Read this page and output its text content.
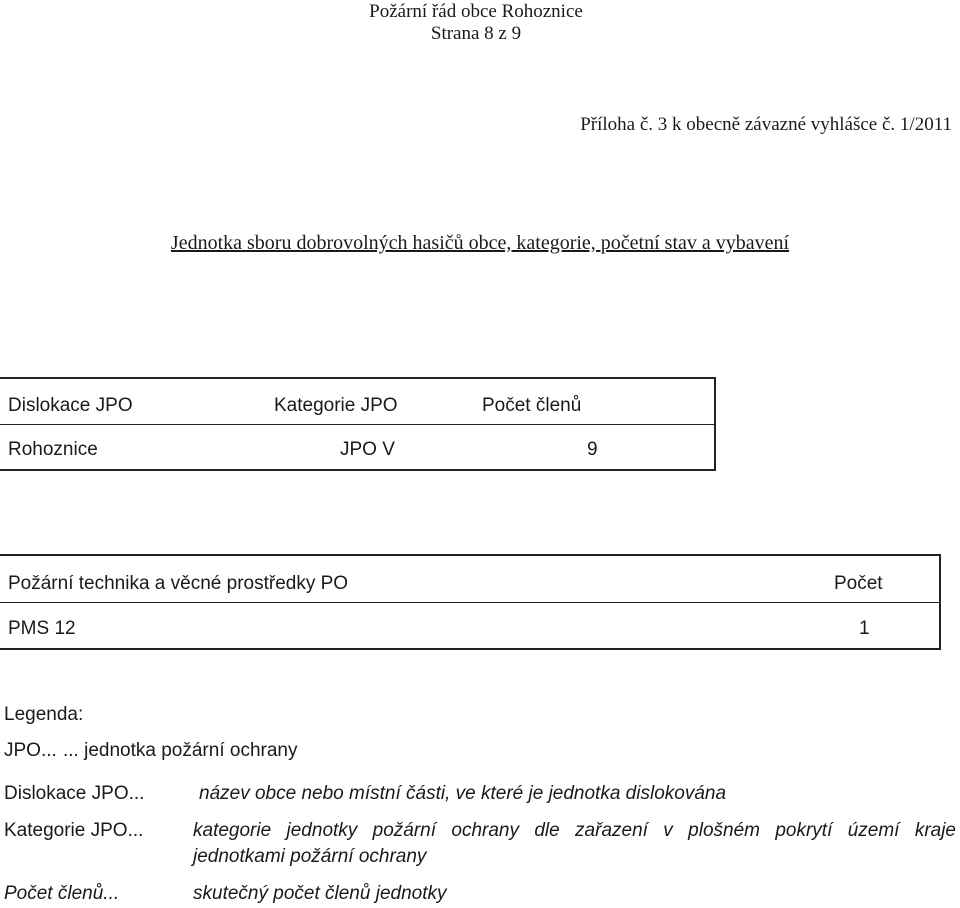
Požární řád obce Rohoznice
Strana 8 z 9
Příloha č. 3 k obecně závazné vyhlášce č. 1/2011
Jednotka sboru dobrovolných hasičů obce, kategorie, početní stav a vybavení
Dislokace JPO	Kategorie JPO	Počet členů
Rohoznice	JPO V	9
Požární technika a věcné prostředky PO	Počet
PMS 12	1
Legenda:
JPO... ... jednotka požární ochrany
Dislokace JPO...	název obce nebo místní části, ve které je jednotka dislokována
Kategorie JPO...	kategorie jednotky požární ochrany dle zařazení v plošném pokrytí území kraje
jednotkami požární ochrany
Počet členů...	skutečný počet členů jednotky
